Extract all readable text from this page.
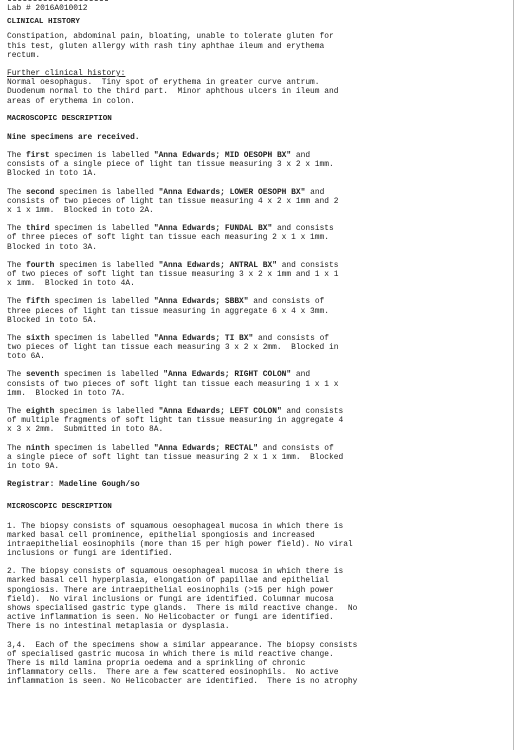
Lab # 2016A010012
CLINICAL HISTORY
Constipation, abdominal pain, bloating, unable to tolerate gluten for
this test, gluten allergy with rash tiny aphthae ileum and erythema
rectum.
Further clinical history:
Normal oesophagus.  Tiny spot of erythema in greater curve antrum.
Duodenum normal to the third part.  Minor aphthous ulcers in ileum and
areas of erythema in colon.
MACROSCOPIC DESCRIPTION
Nine specimens are received.
The first specimen is labelled "Anna Edwards; MID OESOPH BX" and
consists of a single piece of light tan tissue measuring 3 x 2 x 1mm.
Blocked in toto 1A.
The second specimen is labelled "Anna Edwards; LOWER OESOPH BX" and
consists of two pieces of light tan tissue measuring 4 x 2 x 1mm and 2
x 1 x 1mm.  Blocked in toto 2A.
The third specimen is labelled "Anna Edwards; FUNDAL BX" and consists
of three pieces of soft light tan tissue each measuring 2 x 1 x 1mm.
Blocked in toto 3A.
The fourth specimen is labelled "Anna Edwards; ANTRAL BX" and consists
of two pieces of soft light tan tissue measuring 3 x 2 x 1mm and 1 x 1
x 1mm.  Blocked in toto 4A.
The fifth specimen is labelled "Anna Edwards; SBBX" and consists of
three pieces of light tan tissue measuring in aggregate 6 x 4 x 3mm.
Blocked in toto 5A.
The sixth specimen is labelled "Anna Edwards; TI BX" and consists of
two pieces of light tan tissue each measuring 3 x 2 x 2mm.  Blocked in
toto 6A.
The seventh specimen is labelled "Anna Edwards; RIGHT COLON" and
consists of two pieces of soft light tan tissue each measuring 1 x 1 x
1mm.  Blocked in toto 7A.
The eighth specimen is labelled "Anna Edwards; LEFT COLON" and consists
of multiple fragments of soft light tan tissue measuring in aggregate 4
x 3 x 2mm.  Submitted in toto 8A.
The ninth specimen is labelled "Anna Edwards; RECTAL" and consists of
a single piece of soft light tan tissue measuring 2 x 1 x 1mm.  Blocked
in toto 9A.
Registrar: Madeline Gough/so
MICROSCOPIC DESCRIPTION
1. The biopsy consists of squamous oesophageal mucosa in which there is
marked basal cell prominence, epithelial spongiosis and increased
intraepithelial eosinophils (more than 15 per high power field). No viral
inclusions or fungi are identified.
2. The biopsy consists of squamous oesophageal mucosa in which there is
marked basal cell hyperplasia, elongation of papillae and epithelial
spongiosis. There are intraepithelial eosinophils (>15 per high power
field).  No viral inclusions or fungi are identified. Columnar mucosa
shows specialised gastric type glands.  There is mild reactive change.  No
active inflammation is seen. No Helicobacter or fungi are identified.
There is no intestinal metaplasia or dysplasia.
3,4.  Each of the specimens show a similar appearance. The biopsy consists
of specialised gastric mucosa in which there is mild reactive change.
There is mild lamina propria oedema and a sprinkling of chronic
inflammatory cells.  There are a few scattered eosinophils.  No active
inflammation is seen. No Helicobacter are identified.  There is no atrophy
